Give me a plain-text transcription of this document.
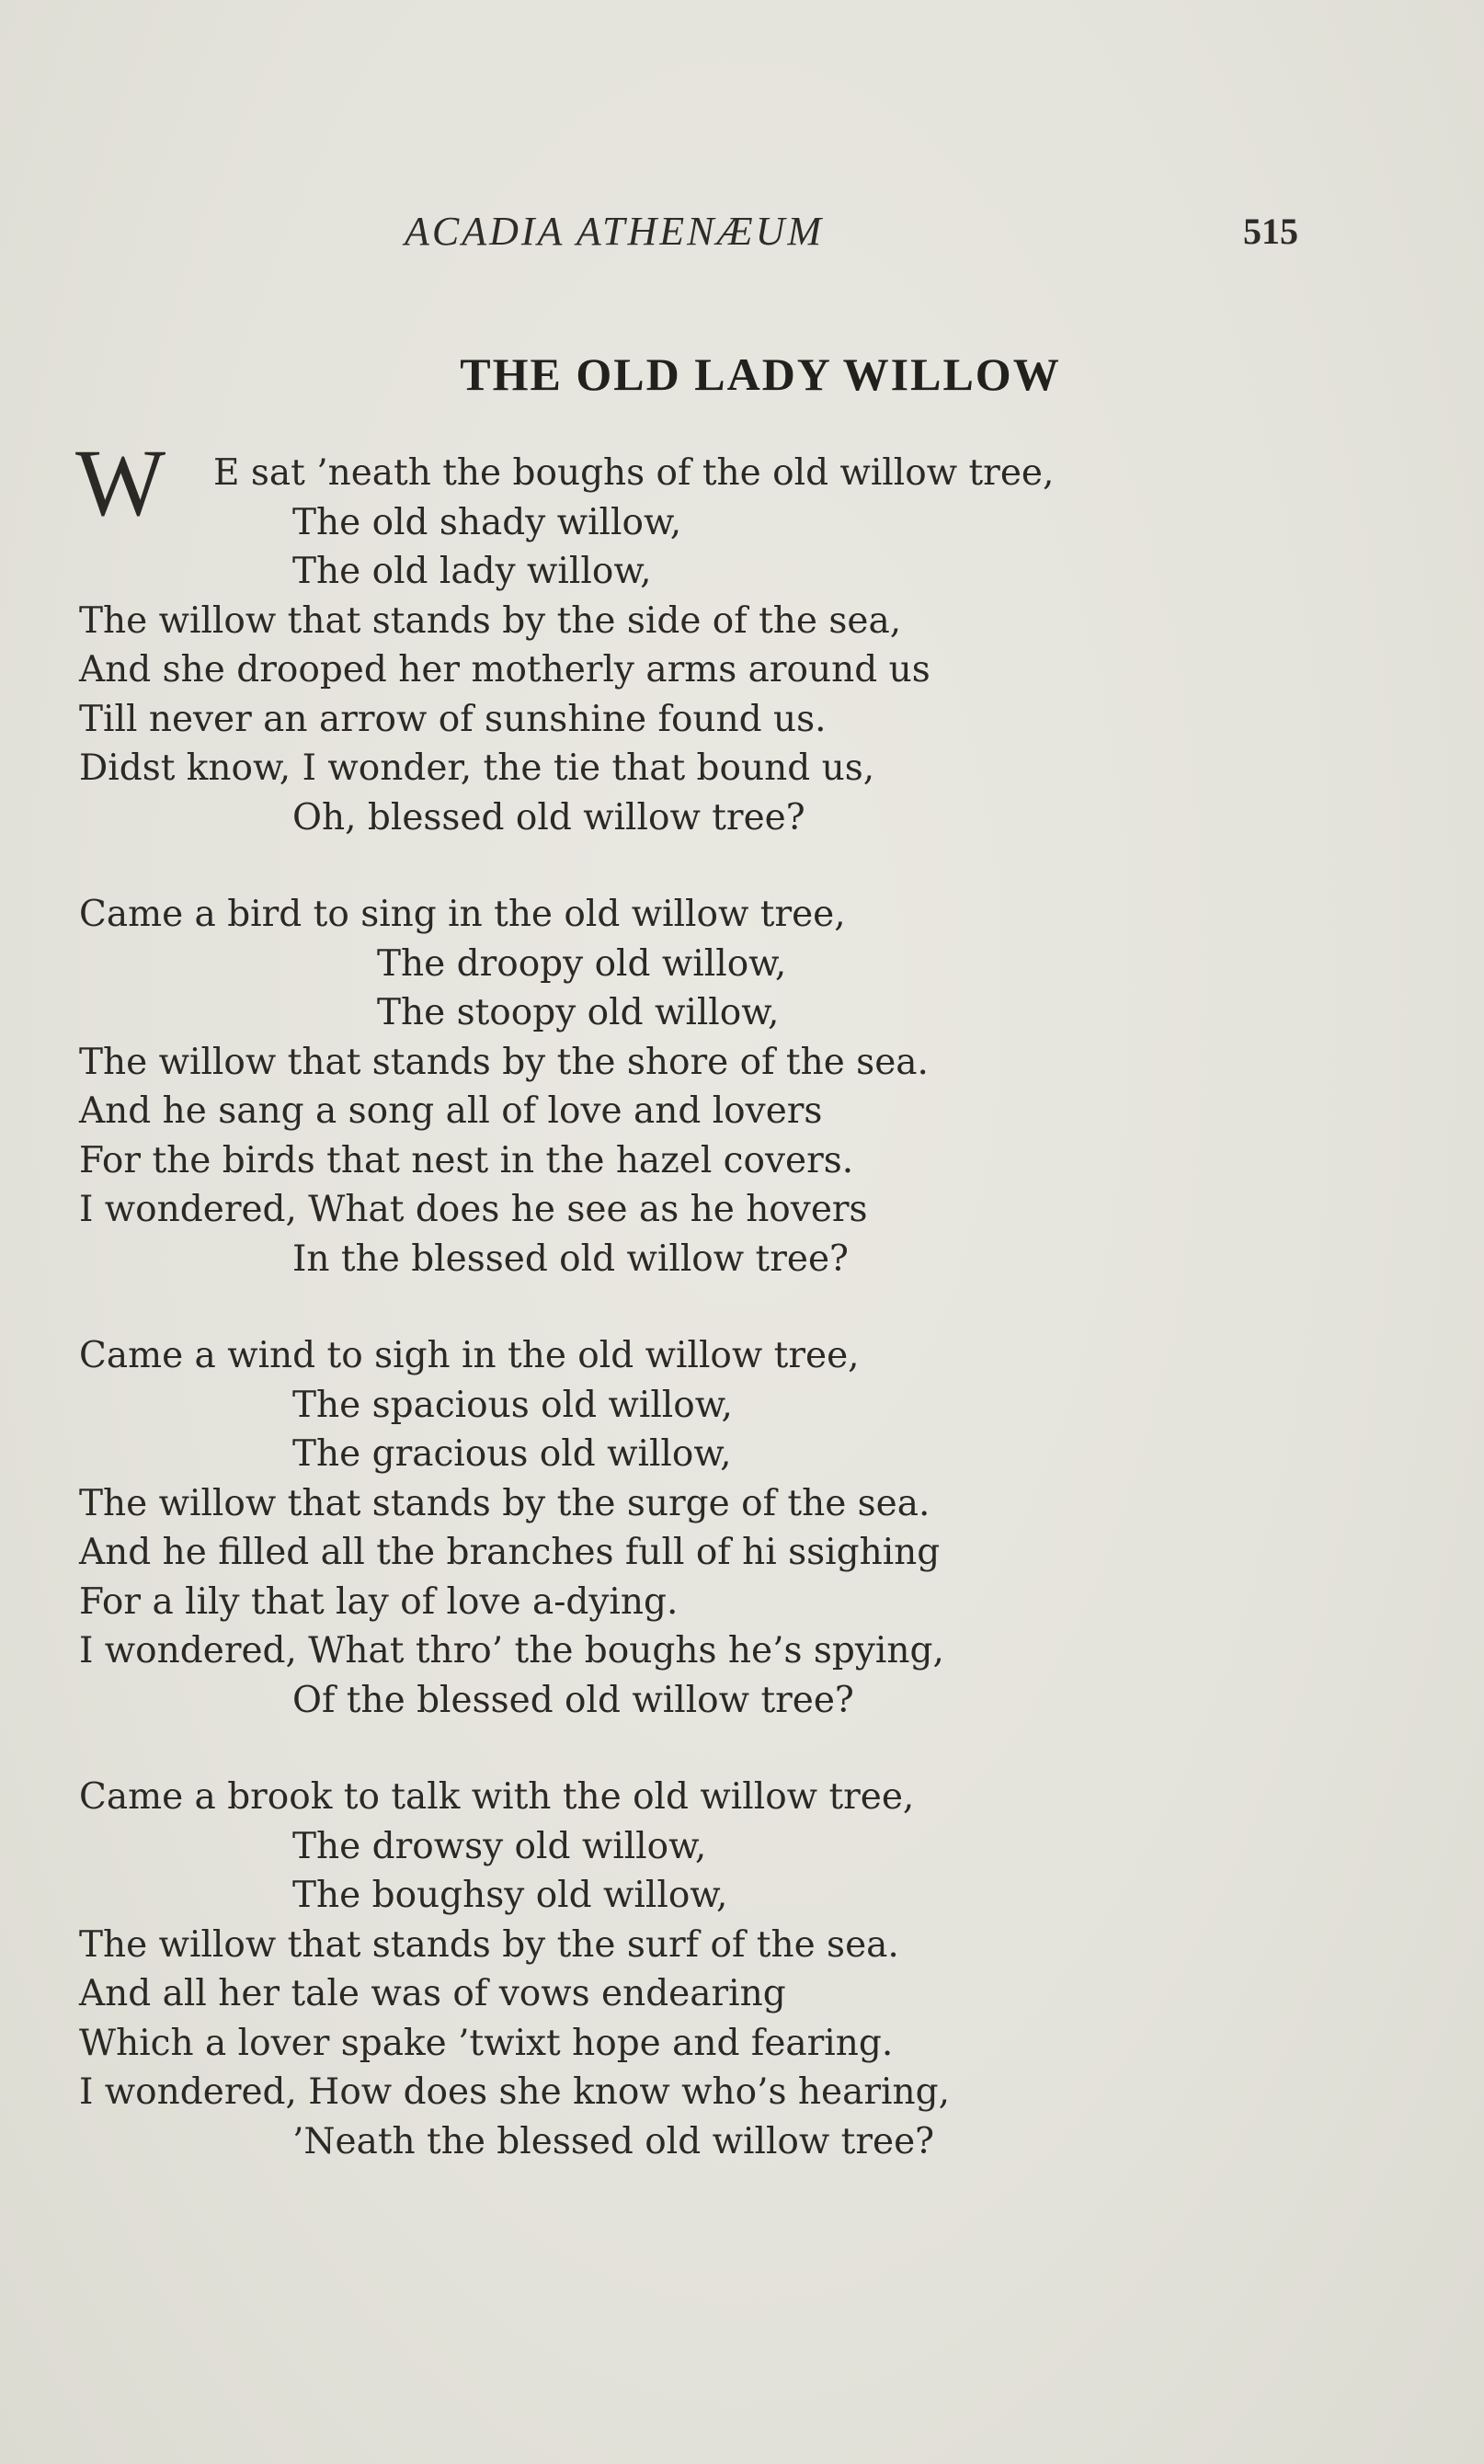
ACADIA ATHENÆUM	515
THE OLD LADY WILLOW
W E sat ’neath the boughs of the old willow tree,
The old shady willow,
The old lady willow,
The willow that stands by the side of the sea,
And she drooped her motherly arms around us
Till never an arrow of sunshine found us.
Didst know, I wonder, the tie that bound us,
Oh, blessed old willow tree?
Came a bird to sing in the old willow tree,
The droopy old willow,
The stoopy old willow,
The willow that stands by the shore of the sea.
And he sang a song all of love and lovers
For the birds that nest in the hazel covers.
I wondered, What does he see as he hovers
In the blessed old willow tree?
Came a wind to sigh in the old willow tree,
The spacious old willow,
The gracious old willow,
The willow that stands by the surge of the sea.
And he filled all the branches full of hi ssighing
For a lily that lay of love a-dying.
I wondered, What thro’ the boughs he’s spying,
Of the blessed old willow tree?
Came a brook to talk with the old willow tree,
The drowsy old willow,
The boughsy old willow,
The willow that stands by the surf of the sea.
And all her tale was of vows endearing
Which a lover spake ’twixt hope and fearing.
I wondered, How does she know who’s hearing,
’Neath the blessed old willow tree?
